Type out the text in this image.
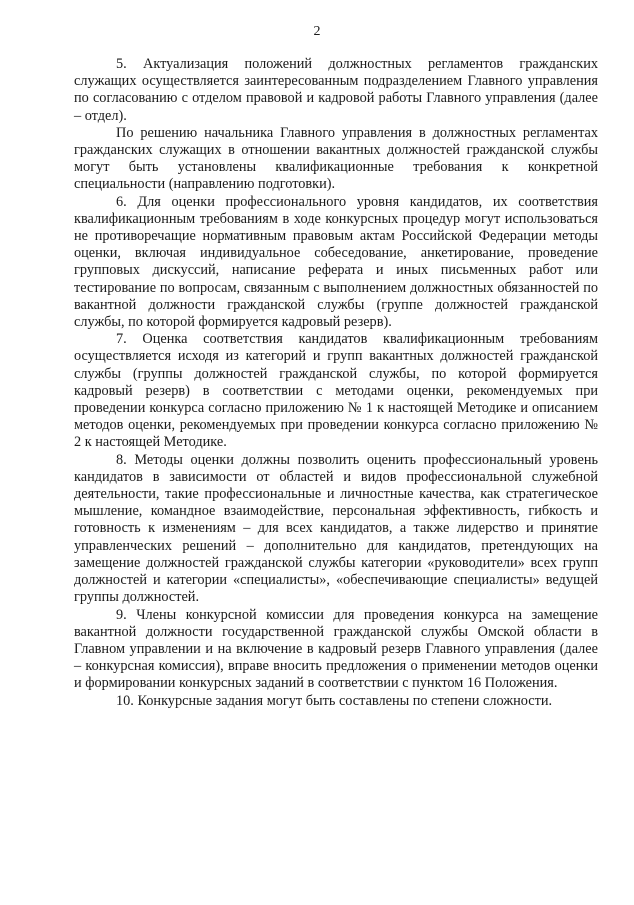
2

5. Актуализация положений должностных регламентов гражданских служащих осуществляется заинтересованным подразделением Главного управления по согласованию с отделом правовой и кадровой работы Главного управления (далее – отдел).

По решению начальника Главного управления в должностных регламентах гражданских служащих в отношении вакантных должностей гражданской службы могут быть установлены квалификационные требования к конкретной специальности (направлению подготовки).

6. Для оценки профессионального уровня кандидатов, их соответствия квалификационным требованиям в ходе конкурсных процедур могут использоваться не противоречащие нормативным правовым актам Российской Федерации методы оценки, включая индивидуальное собеседование, анкетирование, проведение групповых дискуссий, написание реферата и иных письменных работ или тестирование по вопросам, связанным с выполнением должностных обязанностей по вакантной должности гражданской службы (группе должностей гражданской службы, по которой формируется кадровый резерв).

7. Оценка соответствия кандидатов квалификационным требованиям осуществляется исходя из категорий и групп вакантных должностей гражданской службы (группы должностей гражданской службы, по которой формируется кадровый резерв) в соответствии с методами оценки, рекомендуемых при проведении конкурса согласно приложению № 1 к настоящей Методике и описанием методов оценки, рекомендуемых при проведении конкурса согласно приложению № 2 к настоящей Методике.

8. Методы оценки должны позволить оценить профессиональный уровень кандидатов в зависимости от областей и видов профессиональной служебной деятельности, такие профессиональные и личностные качества, как стратегическое мышление, командное взаимодействие, персональная эффективность, гибкость и готовность к изменениям – для всех кандидатов, а также лидерство и принятие управленческих решений – дополнительно для кандидатов, претендующих на замещение должностей гражданской службы категории «руководители» всех групп должностей и категории «специалисты», «обеспечивающие специалисты» ведущей группы должностей.

9. Члены конкурсной комиссии для проведения конкурса на замещение вакантной должности государственной гражданской службы Омской области в Главном управлении и на включение в кадровый резерв Главного управления (далее – конкурсная комиссия), вправе вносить предложения о применении методов оценки и формировании конкурсных заданий в соответствии с пунктом 16 Положения.

10. Конкурсные задания могут быть составлены по степени сложности.
